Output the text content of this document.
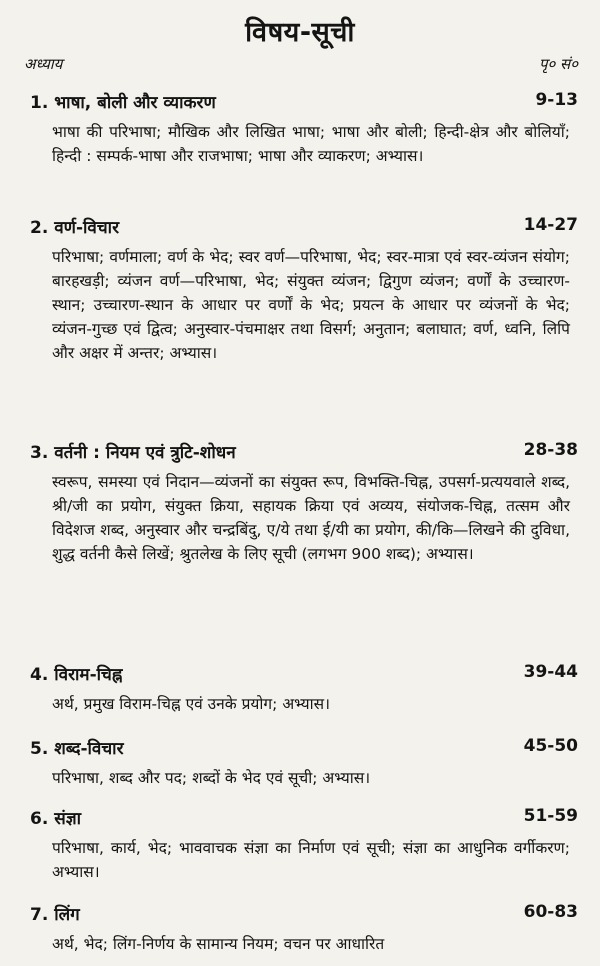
विषय-सूची
अध्याय	पृ० सं०
1. भाषा, बोली और व्याकरण	9-13
भाषा की परिभाषा; मौखिक और लिखित भाषा; भाषा और बोली; हिन्दी-क्षेत्र और बोलियाँ; हिन्दी : सम्पर्क-भाषा और राजभाषा; भाषा और व्याकरण; अभ्यास।
2. वर्ण-विचार	14-27
परिभाषा; वर्णमाला; वर्ण के भेद; स्वर वर्ण—परिभाषा, भेद; स्वर-मात्रा एवं स्वर-व्यंजन संयोग; बारहखड़ी; व्यंजन वर्ण—परिभाषा, भेद; संयुक्त व्यंजन; द्विगुण व्यंजन; वर्णों के उच्चारण-स्थान; उच्चारण-स्थान के आधार पर वर्णों के भेद; प्रयत्न के आधार पर व्यंजनों के भेद; व्यंजन-गुच्छ एवं द्वित्व; अनुस्वार-पंचमाक्षर तथा विसर्ग; अनुतान; बलाघात; वर्ण, ध्वनि, लिपि और अक्षर में अन्तर; अभ्यास।
3. वर्तनी : नियम एवं त्रुटि-शोधन	28-38
स्वरूप, समस्या एवं निदान—व्यंजनों का संयुक्त रूप, विभक्ति-चिह्न, उपसर्ग-प्रत्ययवाले शब्द, श्री/जी का प्रयोग, संयुक्त क्रिया, सहायक क्रिया एवं अव्यय, संयोजक-चिह्न, तत्सम और विदेशज शब्द, अनुस्वार और चन्द्रबिंदु, ए/ये तथा ई/यी का प्रयोग, की/कि—लिखने की दुविधा, शुद्ध वर्तनी कैसे लिखें; श्रुतलेख के लिए सूची (लगभग 900 शब्द); अभ्यास।
4. विराम-चिह्न	39-44
अर्थ, प्रमुख विराम-चिह्न एवं उनके प्रयोग; अभ्यास।
5. शब्द-विचार	45-50
परिभाषा, शब्द और पद; शब्दों के भेद एवं सूची; अभ्यास।
6. संज्ञा	51-59
परिभाषा, कार्य, भेद; भाववाचक संज्ञा का निर्माण एवं सूची; संज्ञा का आधुनिक वर्गीकरण; अभ्यास।
7. लिंग	60-83
अर्थ, भेद; लिंग-निर्णय के सामान्य नियम; वचन पर आधारित
